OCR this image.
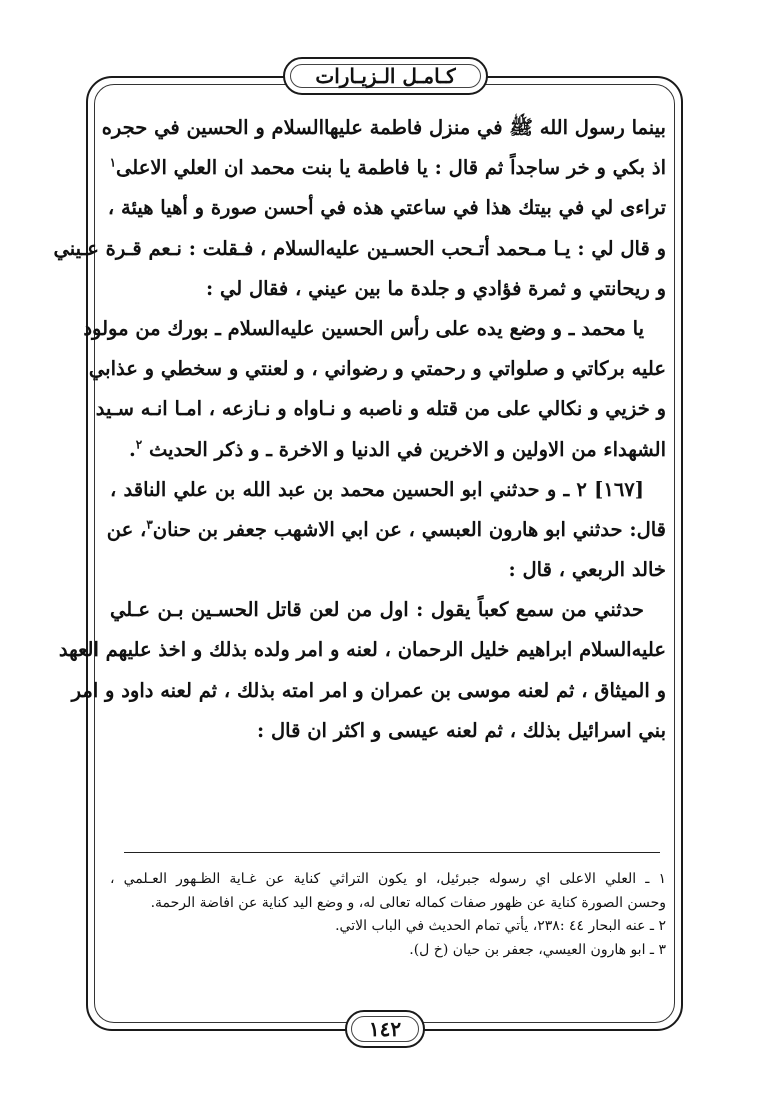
كـامـل الـزيـارات
بينما رسول الله ﷺ في منزل فاطمة عليهاالسلام و الحسين في حجره
اذ بكي و خر ساجداً ثم قال : يا فاطمة يا بنت محمد ان العلي الاعلى$^١$
تراءى لي في بيتك هذا في ساعتي هذه في أحسن صورة و أهيا هيئة ،
و قال لي : يـا مـحمد أتـحب الحسـين عليه‌السلام ، فـقلت : نـعم قـرة عـيني
و ريحانتي و ثمرة فؤادي و جلدة ما بين عيني ، فقال لي :
يا محمد ـ و وضع يده على رأس الحسين عليه‌السلام ـ بورك من مولود
عليه بركاتي و صلواتي و رحمتي و رضواني ، و لعنتي و سخطي و عذابي
و خزيي و نكالي على من قتله و ناصبه و نـاواه و نـازعه ، امـا انـه سـيد
الشهداء من الاولين و الاخرين في الدنيا و الاخرة ـ و ذكر الحديث $^٢$.
[١٦٧] ٢ ـ و حدثني ابو الحسين محمد بن عبد الله بن علي الناقد ،
قال: حدثني ابو هارون العبسي ، عن ابي الاشهب جعفر بن حنان$^٣$، عن
خالد الربعي ، قال :
حدثني من سمع كعباً يقول : اول من لعن قاتل الحسـين بـن عـلي
عليه‌السلام ابراهيم خليل الرحمان ، لعنه و امر ولده بذلك و اخذ عليهم العهد
و الميثاق ، ثم لعنه موسى بن عمران و امر امته بذلك ، ثم لعنه داود و امر
بني اسرائيل بذلك ، ثم لعنه عيسى و اكثر ان قال :
١ ـ العلي الاعلى اي رسوله جبرئيل، او يكون التراثي كناية عن غـاية الظـهور العـلمي ،
وحسن الصورة كناية عن ظهور صفات كماله تعالى له، و وضع اليد كناية عن افاضة الرحمة.
٢ ـ عنه البحار ٤٤ :٢٣٨، يأتي تمام الحديث في الباب الاتي.
٣ ـ ابو هارون العيسي، جعفر بن حيان (خ ل).
١٤٢
